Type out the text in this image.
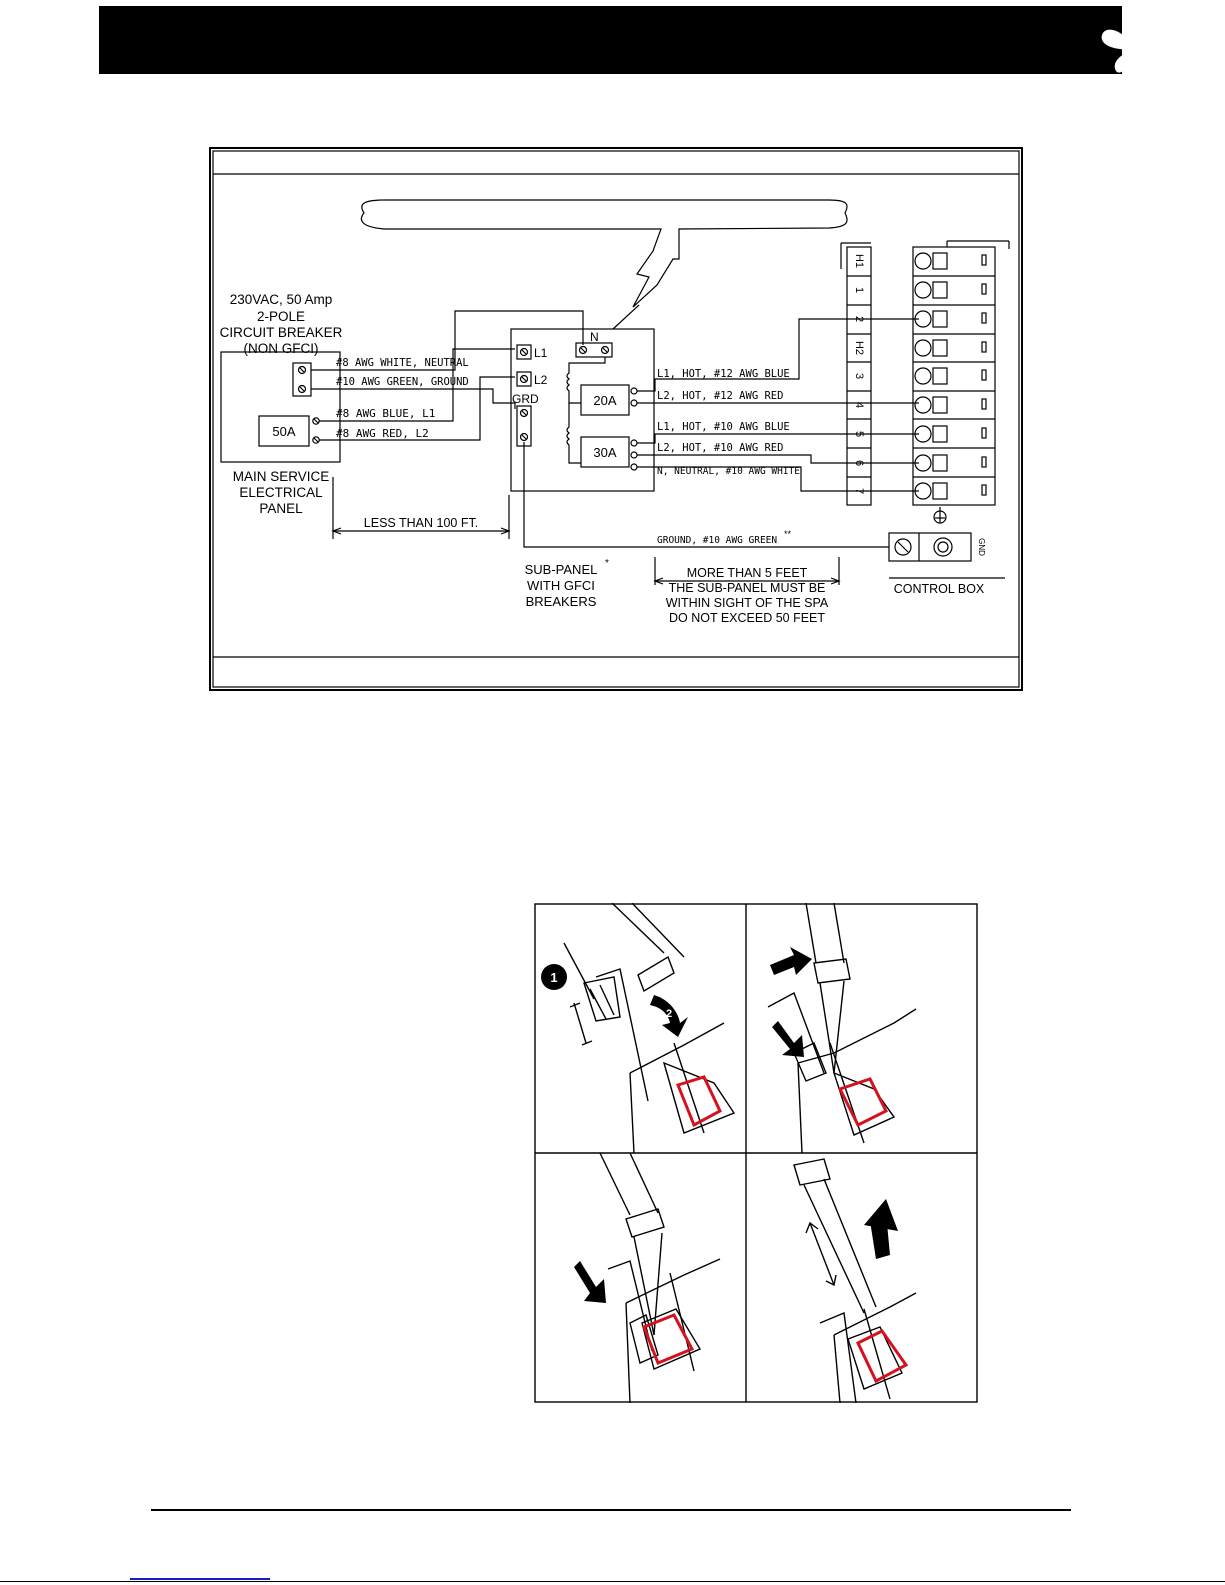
230VAC, 50 Amp
2-POLE
CIRCUIT BREAKER
(NON GFCI)
50A
MAIN SERVICE
ELECTRICAL
PANEL
LESS THAN 100 FT.
#8 AWG WHITE, NEUTRAL
#10 AWG GREEN, GROUND
#8 AWG BLUE, L1
#8 AWG RED, L2
L1
L2
GRD
N
20A
30A
SUB-PANEL *
WITH GFCI
BREAKERS
L1, HOT, #12 AWG BLUE
L2, HOT, #12 AWG RED
L1, HOT, #10 AWG BLUE
L2, HOT, #10 AWG RED
N, NEUTRAL, #10 AWG WHITE
GROUND, #10 AWG GREEN
**
MORE THAN 5 FEET
THE SUB-PANEL MUST BE
WITHIN SIGHT OF THE SPA
DO NOT EXCEED 50 FEET
H1
1
2
H2
3
4
5
6
7
GND
CONTROL BOX
1
2
